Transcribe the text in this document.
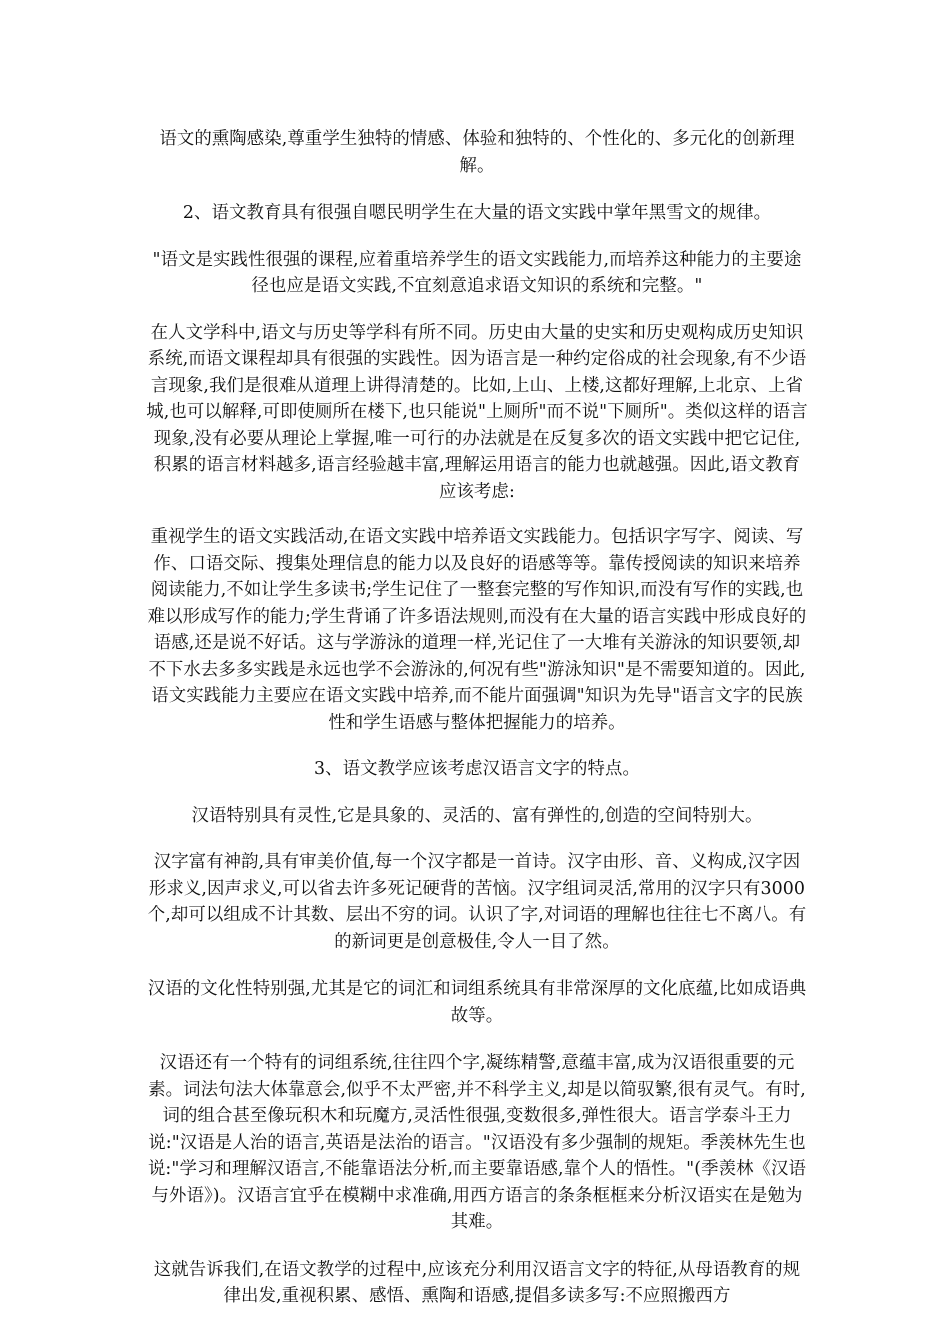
语文的熏陶感染,尊重学生独特的情感、体验和独特的、个性化的、多元化的创新理解。

2、语文教育具有很强自嗯民明学生在大量的语文实践中掌年黑雪文的规律。

"语文是实践性很强的课程,应着重培养学生的语文实践能力,而培养这种能力的主要途径也应是语文实践,不宜刻意追求语文知识的系统和完整。"

在人文学科中,语文与历史等学科有所不同。历史由大量的史实和历史观构成历史知识系统,而语文课程却具有很强的实践性。因为语言是一种约定俗成的社会现象,有不少语言现象,我们是很难从道理上讲得清楚的。比如,上山、上楼,这都好理解,上北京、上省城,也可以解释,可即使厕所在楼下,也只能说"上厕所"而不说"下厕所"。类似这样的语言现象,没有必要从理论上掌握,唯一可行的办法就是在反复多次的语文实践中把它记住,积累的语言材料越多,语言经验越丰富,理解运用语言的能力也就越强。因此,语文教育应该考虑:

重视学生的语文实践活动,在语文实践中培养语文实践能力。包括识字写字、阅读、写作、口语交际、搜集处理信息的能力以及良好的语感等等。靠传授阅读的知识来培养阅读能力,不如让学生多读书;学生记住了一整套完整的写作知识,而没有写作的实践,也难以形成写作的能力;学生背诵了许多语法规则,而没有在大量的语言实践中形成良好的语感,还是说不好话。这与学游泳的道理一样,光记住了一大堆有关游泳的知识要领,却不下水去多多实践是永远也学不会游泳的,何况有些"游泳知识"是不需要知道的。因此,语文实践能力主要应在语文实践中培养,而不能片面强调"知识为先导"语言文字的民族性和学生语感与整体把握能力的培养。

3、语文教学应该考虑汉语言文字的特点。

汉语特别具有灵性,它是具象的、灵活的、富有弹性的,创造的空间特别大。

汉字富有神韵,具有审美价值,每一个汉字都是一首诗。汉字由形、音、义构成,汉字因形求义,因声求义,可以省去许多死记硬背的苦恼。汉字组词灵活,常用的汉字只有3000个,却可以组成不计其数、层出不穷的词。认识了字,对词语的理解也往往七不离八。有的新词更是创意极佳,令人一目了然。

汉语的文化性特别强,尤其是它的词汇和词组系统具有非常深厚的文化底蕴,比如成语典故等。

汉语还有一个特有的词组系统,往往四个字,凝练精警,意蕴丰富,成为汉语很重要的元素。词法句法大体靠意会,似乎不太严密,并不科学主义,却是以简驭繁,很有灵气。有时,词的组合甚至像玩积木和玩魔方,灵活性很强,变数很多,弹性很大。语言学泰斗王力说:"汉语是人治的语言,英语是法治的语言。"汉语没有多少强制的规矩。季羡林先生也说:"学习和理解汉语言,不能靠语法分析,而主要靠语感,靠个人的悟性。"(季羡林《汉语与外语》)。汉语言宜乎在模糊中求准确,用西方语言的条条框框来分析汉语实在是勉为其难。

这就告诉我们,在语文教学的过程中,应该充分利用汉语言文字的特征,从母语教育的规律出发,重视积累、感悟、熏陶和语感,提倡多读多写:不应照搬西方
